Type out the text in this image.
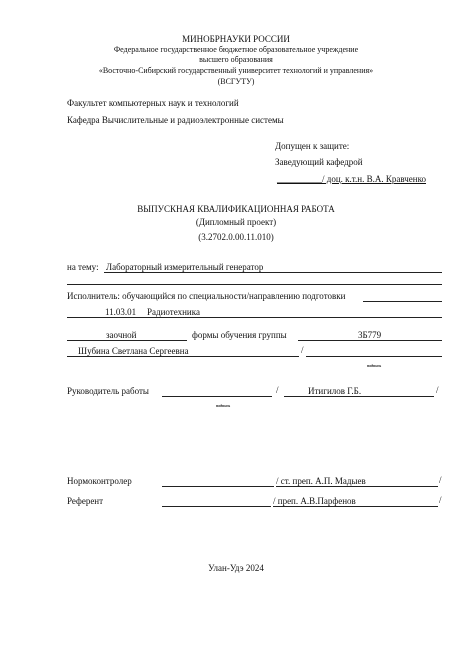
МИНОБРНАУКИ РОССИИ
Федеральное государственное бюджетное образовательное учреждение
высшего образования
«Восточно-Сибирский государственный университет технологий и управления»
(ВСГУТУ)
Факультет компьютерных наук и технологий
Кафедра Вычислительные и радиоэлектронные системы
Допущен к защите:
Заведующий кафедрой
__________/ доц. к.т.н. В.А. Кравченко
ВЫПУСКНАЯ КВАЛИФИКАЦИОННАЯ РАБОТА
(Дипломный проект)
(3.2702.0.00.11.010)
на тему: Лабораторный измерительный генератор
Исполнитель: обучающийся по специальности/направлению подготовки
11.03.01 Радиотехника
заочной	формы обучения группы	3Б779
Шубина Светлана Сергеевна	/
подпись
Руководитель работы	/	Итигилов Г.Б.	/
подпись
Нормоконтролер	/ ст. преп. А.П. Мадыев	/
Референт	/ преп. А.В.Парфенов	/
Улан-Удэ 2024
